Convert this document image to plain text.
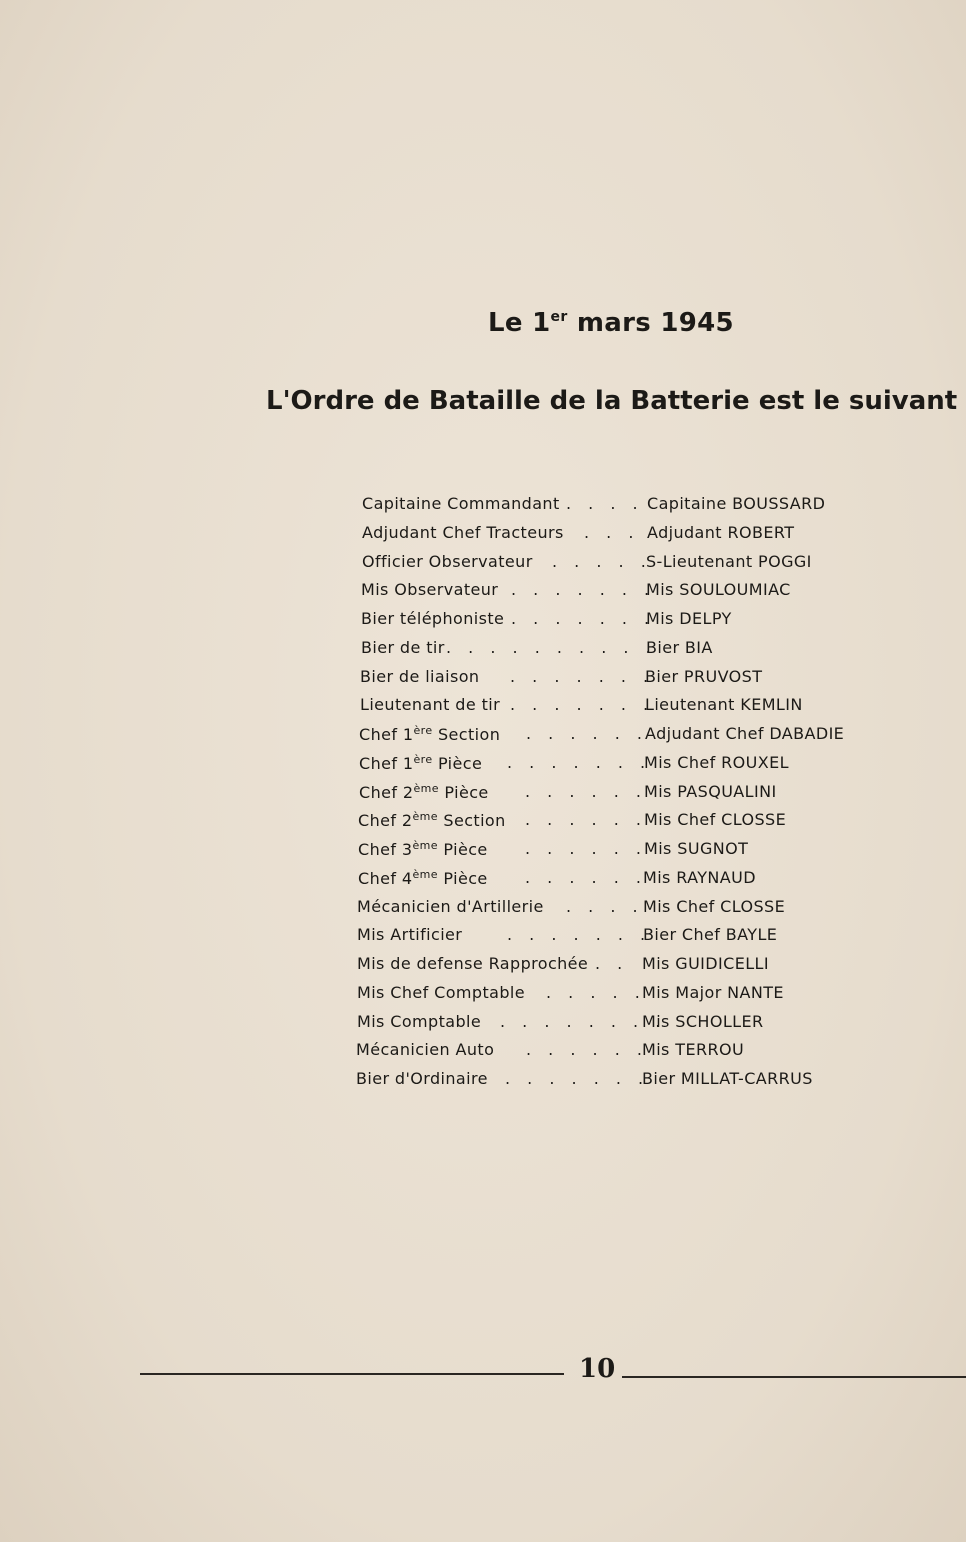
Le 1er mars 1945
L'Ordre de Bataille de la Batterie est le suivant
Capitaine Commandant . . . . Capitaine BOUSSARD
Adjudant Chef Tracteurs . . . Adjudant ROBERT
Officier Observateur . . . . .
S-Lieutenant POGGI
Mis Observateur . . . . . . .
Mis SOULOUMIAC
Bier téléphoniste . . . . . . .
Mis DELPY
Bier de tir . . . . . . . . . .
Bier BIA
Bier de liaison . . . . . . .
Bier PRUVOST
Lieutenant de tir . . . . . . .
Lieutenant KEMLIN
Chef 1ère Section . . . . . .
Adjudant Chef DABADIE
Chef 1ère Pièce . . . . . . .
Mis Chef ROUXEL
Chef 2ème Pièce . . . . . .
Mis PASQUALINI
Chef 2ème Section . . . . . .
Mis Chef CLOSSE
Chef 3ème Pièce . . . . . .
Mis SUGNOT
Chef 4ème Pièce . . . . . .
Mis RAYNAUD
Mécanicien d'Artillerie . . . . Mis Chef CLOSSE
Mis Artificier	. . . . . . .
Bier Chef BAYLE
Mis de defense Rapprochée . . Mis GUIDICELLI
Mis Chef Comptable . . . . .
Mis Major NANTE
Mis Comptable . . . . . . . .
Mis SCHOLLER
Mécanicien Auto . . . . . .
Mis TERROU
Bier d'Ordinaire . . . . . . .
Bier MILLAT-CARRUS
10
